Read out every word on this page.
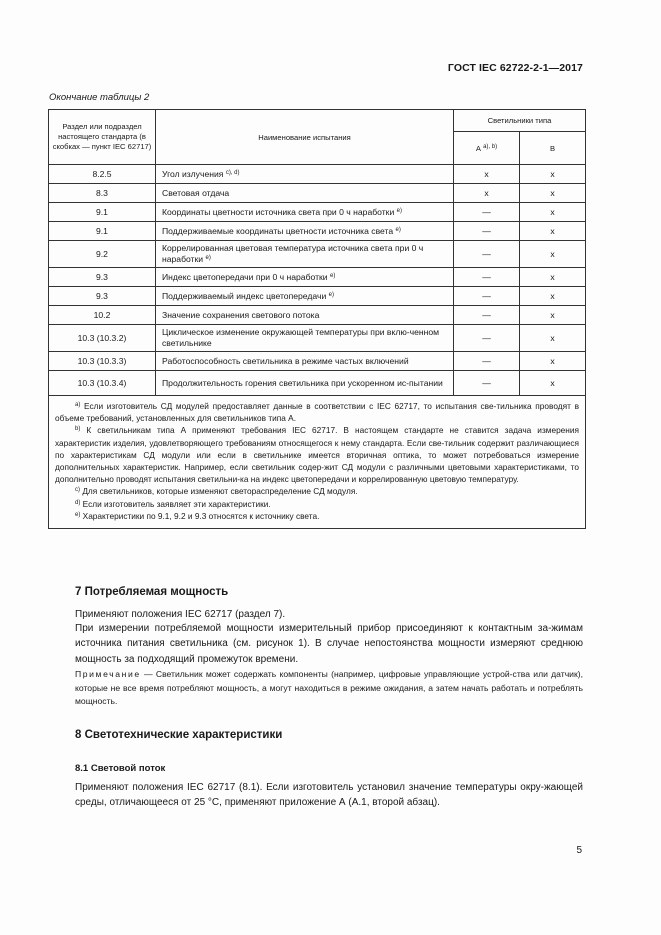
ГОСТ IEC 62722-2-1—2017
Окончание таблицы 2
Раздел или подраздел настоящего стандарта (в скобках — пункт IEC 62717)	Наименование испытания	Светильники типа	
		А $^{a), b)}$	В
8.2.5	Угол излучения $^{c), d)}$	x	x
8.3	Световая отдача	x	x
9.1	Координаты цветности источника света при 0 ч наработки $^{e)}$	—	x
9.1	Поддерживаемые координаты цветности источника света $^{e)}$	—	x
9.2	Коррелированная цветовая температура источника света при 0 ч наработки $^{e)}$	—	x
9.3	Индекс цветопередачи при 0 ч наработки $^{e)}$	—	x
9.3	Поддерживаемый индекс цветопередачи $^{e)}$	—	x
10.2	Значение сохранения светового потока	—	x
10.3 (10.3.2)	Циклическое изменение окружающей температуры при вклю-ченном светильнике	—	x
10.3 (10.3.3)	Работоспособность светильника в режиме частых включений	—	x
10.3 (10.3.4)	Продолжительность горения светильника при ускоренном ис-пытании	—	x

$^{a)}$ Если изготовитель СД модулей предоставляет данные в соответствии с IEC 62717, то испытания све-тильника проводят в объеме требований, установленных для светильников типа А.
$^{b)}$ К светильникам типа А применяют требования IEC 62717. В настоящем стандарте не ставится задача измерения характеристик изделия, удовлетворяющего требованиям относящегося к нему стандарта. Если све-тильник содержит различающиеся по характеристикам СД модули или если в светильнике имеется вторичная оптика, то может потребоваться измерение дополнительных характеристик. Например, если светильник содер-жит СД модули с различными цветовыми характеристиками, то дополнительно проводят испытания светильни-ка на индекс цветопередачи и коррелированную цветовую температуру.
$^{c)}$ Для светильников, которые изменяют светораспределение СД модуля.
$^{d)}$ Если изготовитель заявляет эти характеристики.
$^{e)}$ Характеристики по 9.1, 9.2 и 9.3 относятся к источнику света.			
7 Потребляемая мощность
Применяют положения IEC 62717 (раздел 7).
При измерении потребляемой мощности измерительный прибор присоединяют к контактным за-жимам источника питания светильника (см. рисунок 1). В случае непостоянства мощности измеряют среднюю мощность за подходящий промежуток времени.
Примечание — Светильник может содержать компоненты (например, цифровые управляющие устрой-ства или датчик), которые не все время потребляют мощность, а могут находиться в режиме ожидания, а затем начать работать и потреблять мощность.
8 Светотехнические характеристики
8.1 Световой поток
Применяют положения IEC 62717 (8.1). Если изготовитель установил значение температуры окру-жающей среды, отличающееся от 25 °С, применяют приложение А (А.1, второй абзац).
5
